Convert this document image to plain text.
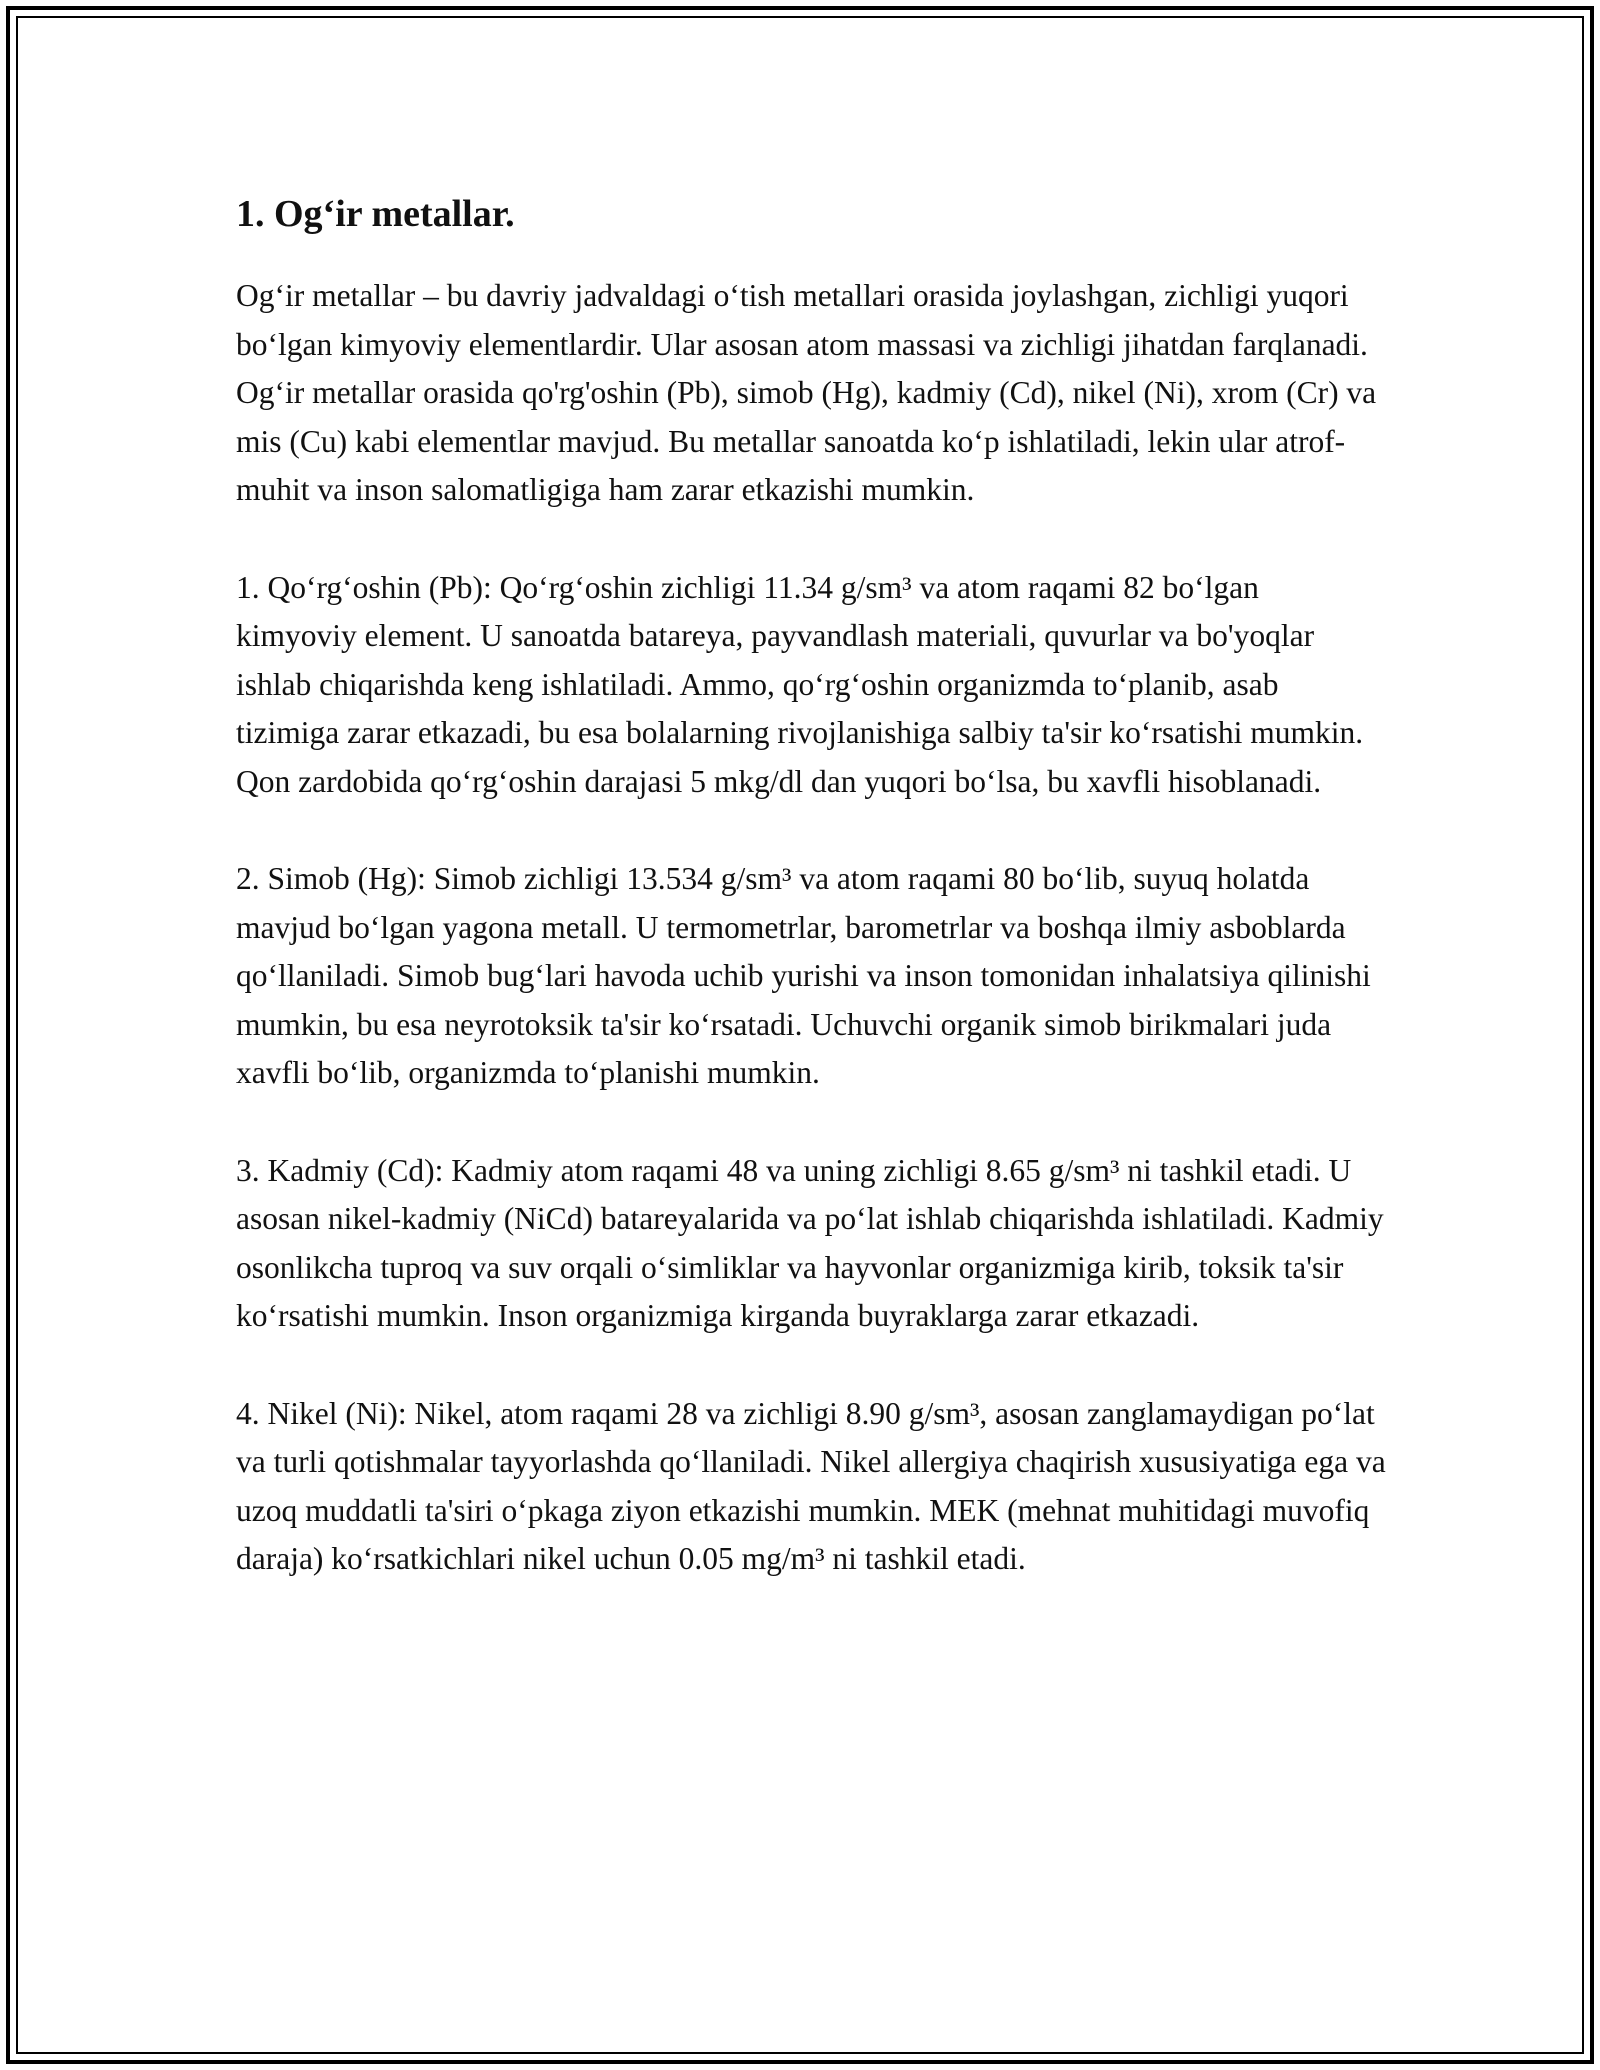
1. Og‘ir metallar.

Og‘ir metallar – bu davriy jadvaldagi o‘tish metallari orasida joylashgan, zichligi yuqori bo‘lgan kimyoviy elementlardir. Ular asosan atom massasi va zichligi jihatdan farqlanadi. Og‘ir metallar orasida qo'rg'oshin (Pb), simob (Hg), kadmiy (Cd), nikel (Ni), xrom (Cr) va mis (Cu) kabi elementlar mavjud. Bu metallar sanoatda ko‘p ishlatiladi, lekin ular atrof-muhit va inson salomatligiga ham zarar etkazishi mumkin.

1. Qo‘rg‘oshin (Pb): Qo‘rg‘oshin zichligi 11.34 g/sm³ va atom raqami 82 bo‘lgan kimyoviy element. U sanoatda batareya, payvandlash materiali, quvurlar va bo'yoqlar ishlab chiqarishda keng ishlatiladi. Ammo, qo‘rg‘oshin organizmda to‘planib, asab tizimiga zarar etkazadi, bu esa bolalarning rivojlanishiga salbiy ta'sir ko‘rsatishi mumkin. Qon zardobida qo‘rg‘oshin darajasi 5 mkg/dl dan yuqori bo‘lsa, bu xavfli hisoblanadi.

2. Simob (Hg): Simob zichligi 13.534 g/sm³ va atom raqami 80 bo‘lib, suyuq holatda mavjud bo‘lgan yagona metall. U termometrlar, barometrlar va boshqa ilmiy asboblarda qo‘llaniladi. Simob bug‘lari havoda uchib yurishi va inson tomonidan inhalatsiya qilinishi mumkin, bu esa neyrotoksik ta'sir ko‘rsatadi. Uchuvchi organik simob birikmalari juda xavfli bo‘lib, organizmda to‘planishi mumkin.

3. Kadmiy (Cd): Kadmiy atom raqami 48 va uning zichligi 8.65 g/sm³ ni tashkil etadi. U asosan nikel-kadmiy (NiCd) batareyalarida va po‘lat ishlab chiqarishda ishlatiladi. Kadmiy osonlikcha tuproq va suv orqali o‘simliklar va hayvonlar organizmiga kirib, toksik ta'sir ko‘rsatishi mumkin. Inson organizmiga kirganda buyraklarga zarar etkazadi.

4. Nikel (Ni): Nikel, atom raqami 28 va zichligi 8.90 g/sm³, asosan zanglamaydigan po‘lat va turli qotishmalar tayyorlashda qo‘llaniladi. Nikel allergiya chaqirish xususiyatiga ega va uzoq muddatli ta'siri o‘pkaga ziyon etkazishi mumkin. MEK (mehnat muhitidagi muvofiq daraja) ko‘rsatkichlari nikel uchun 0.05 mg/m³ ni tashkil etadi.
